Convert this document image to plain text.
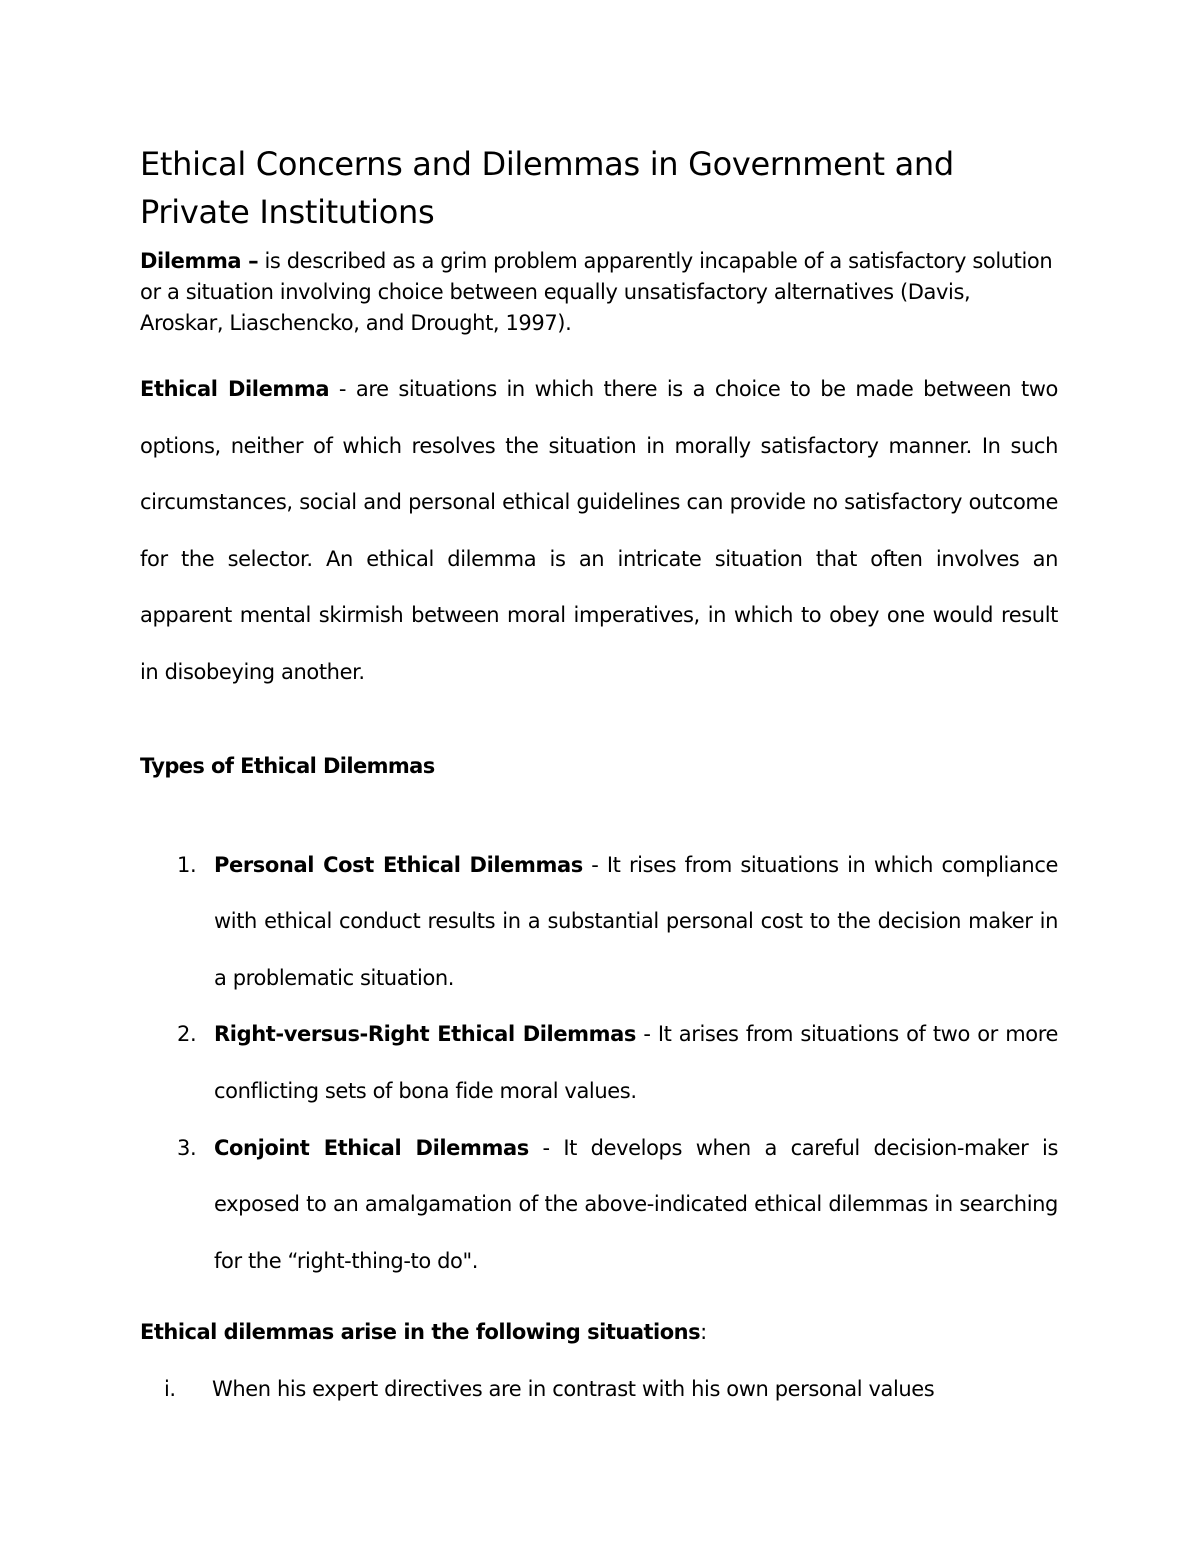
Ethical Concerns and Dilemmas in Government and Private Institutions

Dilemma – is described as a grim problem apparently incapable of a satisfactory solution or a situation involving choice between equally unsatisfactory alternatives (Davis, Aroskar, Liaschencko, and Drought, 1997).

Ethical Dilemma - are situations in which there is a choice to be made between two options, neither of which resolves the situation in morally satisfactory manner. In such circumstances, social and personal ethical guidelines can provide no satisfactory outcome for the selector. An ethical dilemma is an intricate situation that often involves an apparent mental skirmish between moral imperatives, in which to obey one would result in disobeying another.

Types of Ethical Dilemmas
1. Personal Cost Ethical Dilemmas - It rises from situations in which compliance with ethical conduct results in a substantial personal cost to the decision maker in a problematic situation.
2. Right-versus-Right Ethical Dilemmas - It arises from situations of two or more conflicting sets of bona fide moral values.
3. Conjoint Ethical Dilemmas - It develops when a careful decision-maker is exposed to an amalgamation of the above-indicated ethical dilemmas in searching for the “right-thing-to do".

Ethical dilemmas arise in the following situations:

i. When his expert directives are in contrast with his own personal values
